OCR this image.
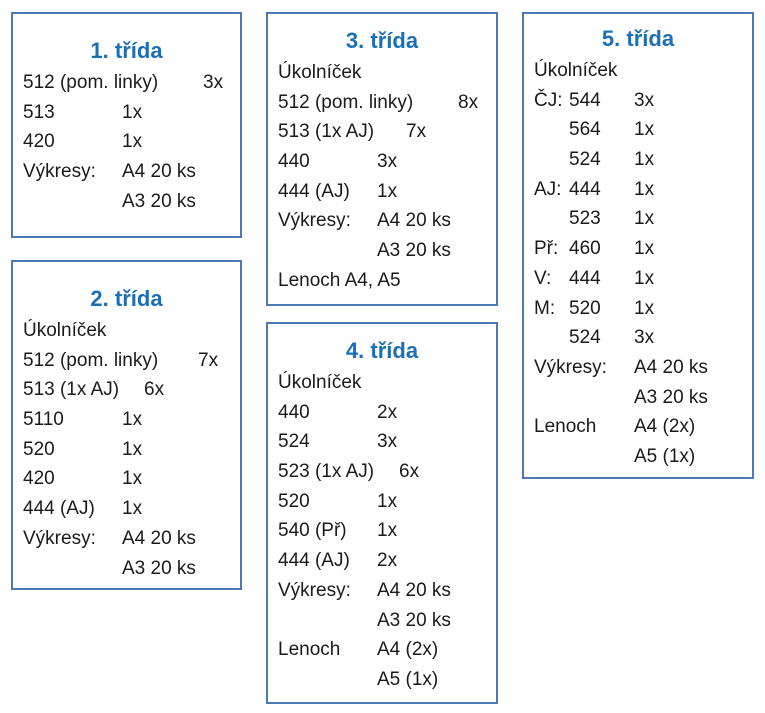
1. třída
512 (pom. linky) 3x
513	1x
420	1x
Výkresy: A4 20 ks
A3 20 ks
2. třída
Úkolníček
512 (pom. linky) 7x
513 (1x AJ) 6x
5110	1x
520	1x
420	1x
444 (AJ) 1x
Výkresy: A4 20 ks
A3 20 ks
3. třída
Úkolníček
512 (pom. linky) 8x
513 (1x AJ) 7x
440	3x
444 (AJ) 1x
Výkresy: A4 20 ks
A3 20 ks
Lenoch A4, A5
4. třída
Úkolníček
440	2x
524	3x
523 (1x AJ) 6x
520	1x
540 (Př) 1x
444 (AJ) 2x
Výkresy: A4 20 ks
A3 20 ks
Lenoch A4 (2x)
A5 (1x)
5. třída
Úkolníček
ČJ: 544 3x
564 1x
524 1x
AJ: 444 1x
523 1x
Př: 460 1x
V: 444 1x
M: 520 1x
524 3x
Výkresy: A4 20 ks
A3 20 ks
Lenoch A4 (2x)
A5 (1x)
